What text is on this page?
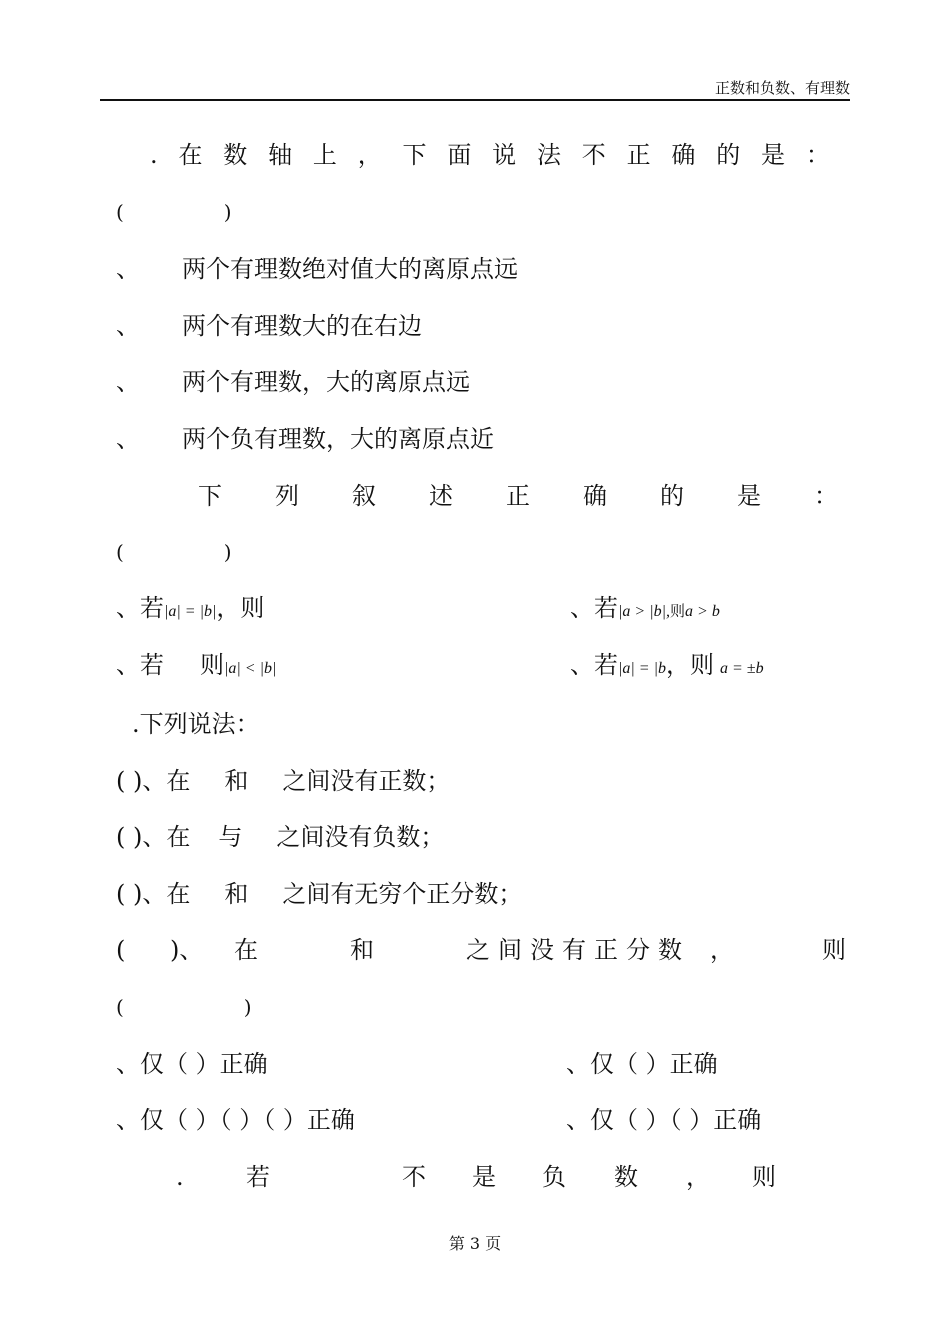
正数和负数、有理数
. 在 数 轴 上 ， 下 面 说 法 不 正 确 的 是 ：
(　　　　　)
、 两个有理数绝对值大的离原点远
、 两个有理数大的在右边
、 两个有理数，大的离原点远
、 两个负有理数，大的离原点近
下 列 叙 述 正 确 的 是 ：
(　　　　　)
、若|a| = |b|，则	、若|a > |b|,则a > b
、若 则|a| < |b|	、若|a| = |b，则 a = ±b
.下列说法：
( )、在 和 之间没有正数；
( )、在 与 之间没有负数；
( )、在 和 之间有无穷个正分数；
( )、 在	和	之 间 没 有 正 分 数 ，	则
(　　　　　　)
、仅（ ）正确	、仅（ ）正确
、仅（ ）（ ）（ ）正确	、仅（ ）（ ）正确
.	若	不 是 负 数 ， 则
第 3 页
